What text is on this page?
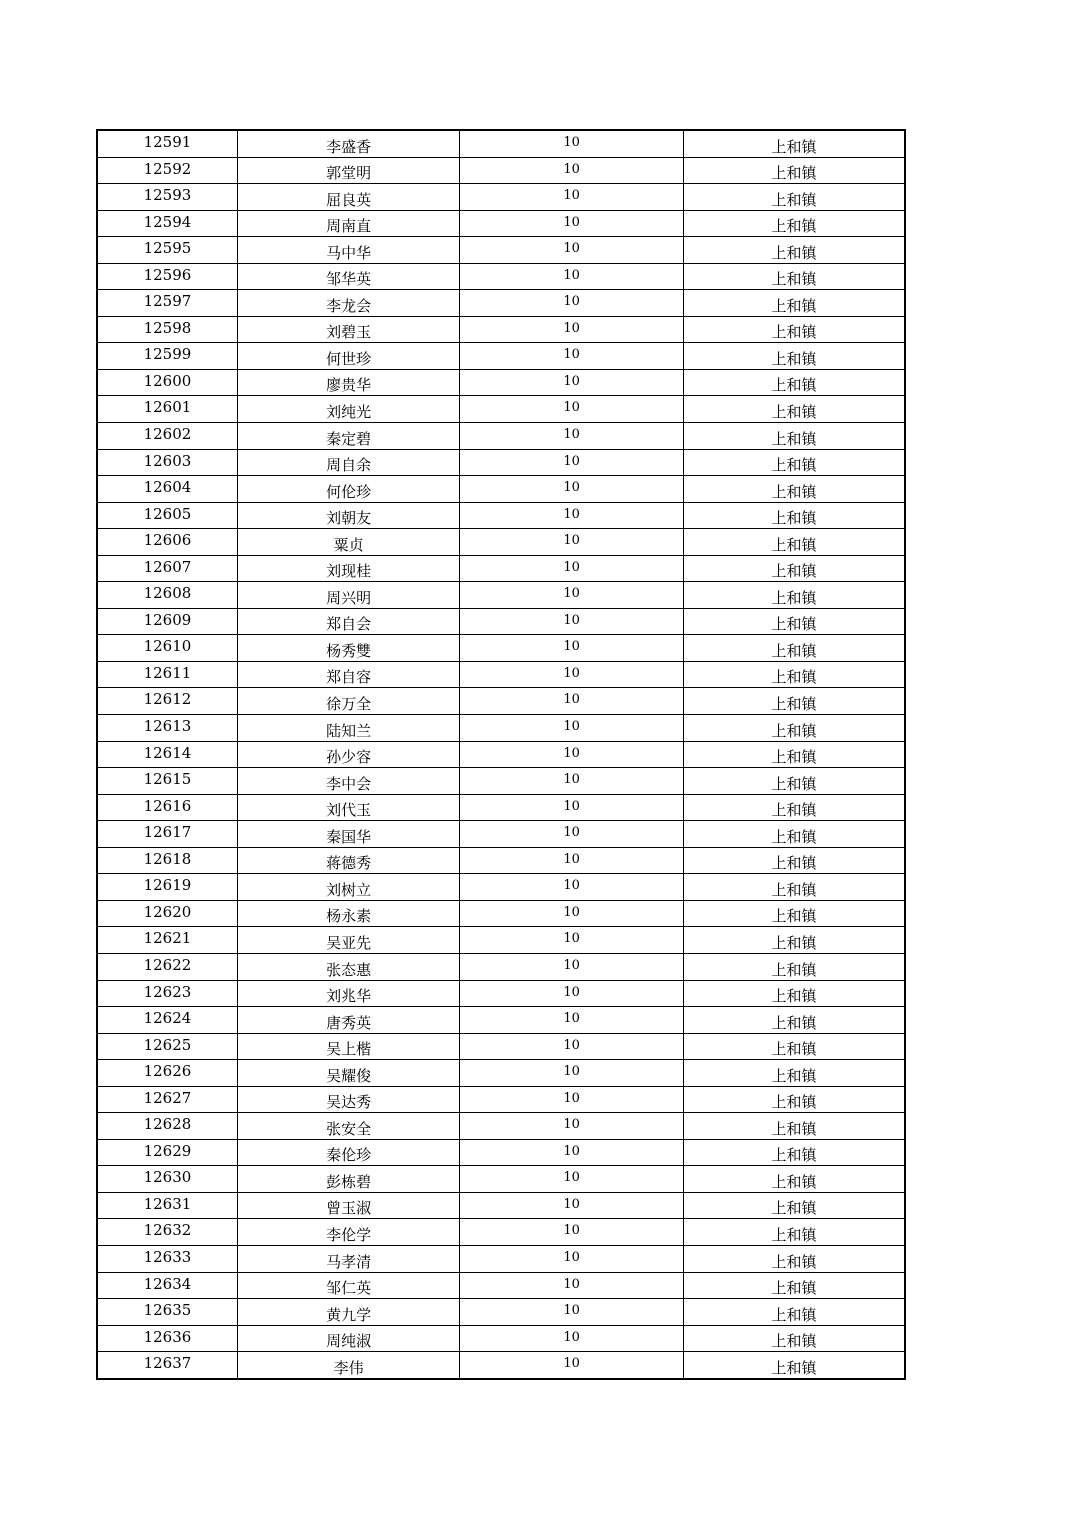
12591	李盛香	10	上和镇
12592	郭堂明	10	上和镇
12593	屈良英	10	上和镇
12594	周南直	10	上和镇
12595	马中华	10	上和镇
12596	邹华英	10	上和镇
12597	李龙会	10	上和镇
12598	刘碧玉	10	上和镇
12599	何世珍	10	上和镇
12600	廖贵华	10	上和镇
12601	刘纯光	10	上和镇
12602	秦定碧	10	上和镇
12603	周自余	10	上和镇
12604	何伦珍	10	上和镇
12605	刘朝友	10	上和镇
12606	粟贞	10	上和镇
12607	刘现桂	10	上和镇
12608	周兴明	10	上和镇
12609	郑自会	10	上和镇
12610	杨秀雙	10	上和镇
12611	郑自容	10	上和镇
12612	徐万全	10	上和镇
12613	陆知兰	10	上和镇
12614	孙少容	10	上和镇
12615	李中会	10	上和镇
12616	刘代玉	10	上和镇
12617	秦国华	10	上和镇
12618	蒋德秀	10	上和镇
12619	刘树立	10	上和镇
12620	杨永素	10	上和镇
12621	吴亚先	10	上和镇
12622	张态惠	10	上和镇
12623	刘兆华	10	上和镇
12624	唐秀英	10	上和镇
12625	吴上楷	10	上和镇
12626	吴耀俊	10	上和镇
12627	吴达秀	10	上和镇
12628	张安全	10	上和镇
12629	秦伦珍	10	上和镇
12630	彭栋碧	10	上和镇
12631	曾玉淑	10	上和镇
12632	李伦学	10	上和镇
12633	马孝清	10	上和镇
12634	邹仁英	10	上和镇
12635	黄九学	10	上和镇
12636	周纯淑	10	上和镇
12637	李伟	10	上和镇
